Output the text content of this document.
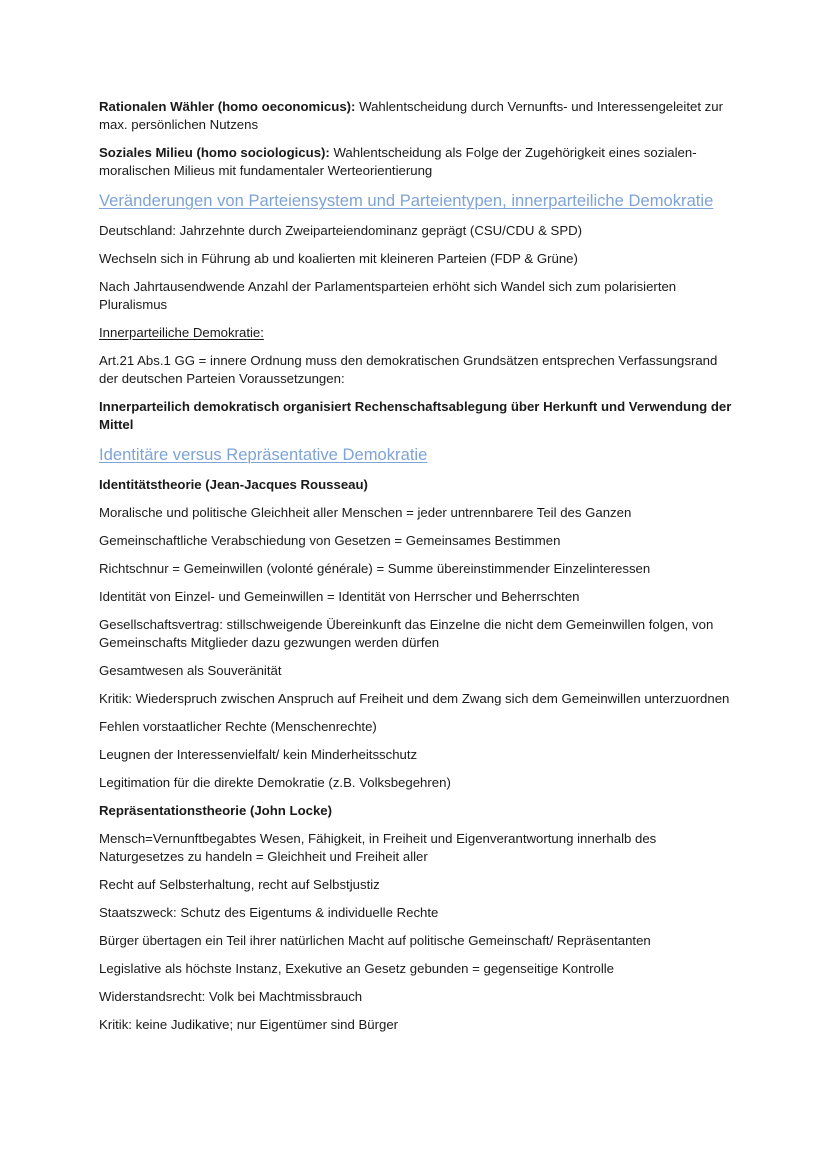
Rationalen Wähler (homo oeconomicus): Wahlentscheidung durch Vernunfts- und Interessengeleitet zur max. persönlichen Nutzens

Soziales Milieu (homo sociologicus): Wahlentscheidung als Folge der Zugehörigkeit eines sozialen-moralischen Milieus mit fundamentaler Werteorientierung

Veränderungen von Parteiensystem und Parteientypen, innerparteiliche Demokratie

Deutschland: Jahrzehnte durch Zweiparteiendominanz geprägt (CSU/CDU & SPD)

Wechseln sich in Führung ab und koalierten mit kleineren Parteien (FDP & Grüne)

Nach Jahrtausendwende Anzahl der Parlamentsparteien erhöht sich Wandel sich zum polarisierten Pluralismus

Innerparteiliche Demokratie:

Art.21 Abs.1 GG = innere Ordnung muss den demokratischen Grundsätzen entsprechen Verfassungsrand der deutschen Parteien Voraussetzungen:

Innerparteilich demokratisch organisiert Rechenschaftsablegung über Herkunft und Verwendung der Mittel

Identitäre versus Repräsentative Demokratie

Identitätstheorie (Jean-Jacques Rousseau)

Moralische und politische Gleichheit aller Menschen = jeder untrennbarere Teil des Ganzen

Gemeinschaftliche Verabschiedung von Gesetzen = Gemeinsames Bestimmen

Richtschnur = Gemeinwillen (volonté générale) = Summe übereinstimmender Einzelinteressen

Identität von Einzel- und Gemeinwillen = Identität von Herrscher und Beherrschten

Gesellschaftsvertrag: stillschweigende Übereinkunft das Einzelne die nicht dem Gemeinwillen folgen, von Gemeinschafts Mitglieder dazu gezwungen werden dürfen

Gesamtwesen als Souveränität

Kritik: Wiederspruch zwischen Anspruch auf Freiheit und dem Zwang sich dem Gemeinwillen unterzuordnen

Fehlen vorstaatlicher Rechte (Menschenrechte)

Leugnen der Interessenvielfalt/ kein Minderheitsschutz

Legitimation für die direkte Demokratie (z.B. Volksbegehren)

Repräsentationstheorie (John Locke)

Mensch=Vernunftbegabtes Wesen, Fähigkeit, in Freiheit und Eigenverantwortung innerhalb des Naturgesetzes zu handeln = Gleichheit und Freiheit aller

Recht auf Selbsterhaltung, recht auf Selbstjustiz

Staatszweck: Schutz des Eigentums & individuelle Rechte

Bürger übertagen ein Teil ihrer natürlichen Macht auf politische Gemeinschaft/ Repräsentanten

Legislative als höchste Instanz, Exekutive an Gesetz gebunden = gegenseitige Kontrolle

Widerstandsrecht: Volk bei Machtmissbrauch

Kritik: keine Judikative; nur Eigentümer sind Bürger
